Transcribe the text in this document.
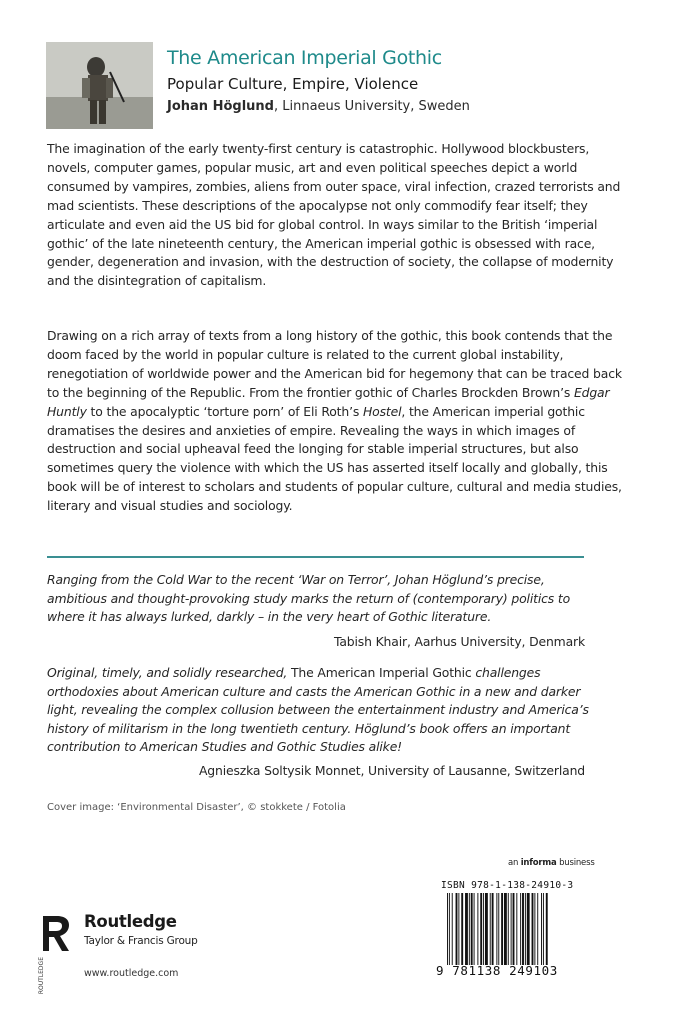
The American Imperial Gothic
Popular Culture, Empire, Violence
Johan Höglund, Linnaeus University, Sweden

The imagination of the early twenty-first century is catastrophic. Hollywood blockbusters, novels, computer games, popular music, art and even political speeches depict a world consumed by vampires, zombies, aliens from outer space, viral infection, crazed terrorists and mad scientists. These descriptions of the apocalypse not only commodify fear itself; they articulate and even aid the US bid for global control. In ways similar to the British ‘imperial gothic’ of the late nineteenth century, the American imperial gothic is obsessed with race, gender, degeneration and invasion, with the destruction of society, the collapse of modernity and the disintegration of capitalism.

Drawing on a rich array of texts from a long history of the gothic, this book contends that the doom faced by the world in popular culture is related to the current global instability, renegotiation of worldwide power and the American bid for hegemony that can be traced back to the beginning of the Republic. From the frontier gothic of Charles Brockden Brown’s Edgar Huntly to the apocalyptic ‘torture porn’ of Eli Roth’s Hostel, the American imperial gothic dramatises the desires and anxieties of empire. Revealing the ways in which images of destruction and social upheaval feed the longing for stable imperial structures, but also sometimes query the violence with which the US has asserted itself locally and globally, this book will be of interest to scholars and students of popular culture, cultural and media studies, literary and visual studies and sociology.

Ranging from the Cold War to the recent ‘War on Terror’, Johan Höglund’s precise, ambitious and thought-provoking study marks the return of (contemporary) politics to where it has always lurked, darkly – in the very heart of Gothic literature.
Tabish Khair, Aarhus University, Denmark
Original, timely, and solidly researched, The American Imperial Gothic challenges orthodoxies about American culture and casts the American Gothic in a new and darker light, revealing the complex collusion between the entertainment industry and America’s history of militarism in the long twentieth century. Höglund’s book offers an important contribution to American Studies and Gothic Studies alike!
Agnieszka Soltysik Monnet, University of Lausanne, Switzerland
Cover image: ‘Environmental Disaster’, © stokkete / Fotolia
an informa business
ISBN 978-1-138-24910-3
9 781138 249103
ROUTLEDGE
Routledge
Taylor & Francis Group
www.routledge.com
